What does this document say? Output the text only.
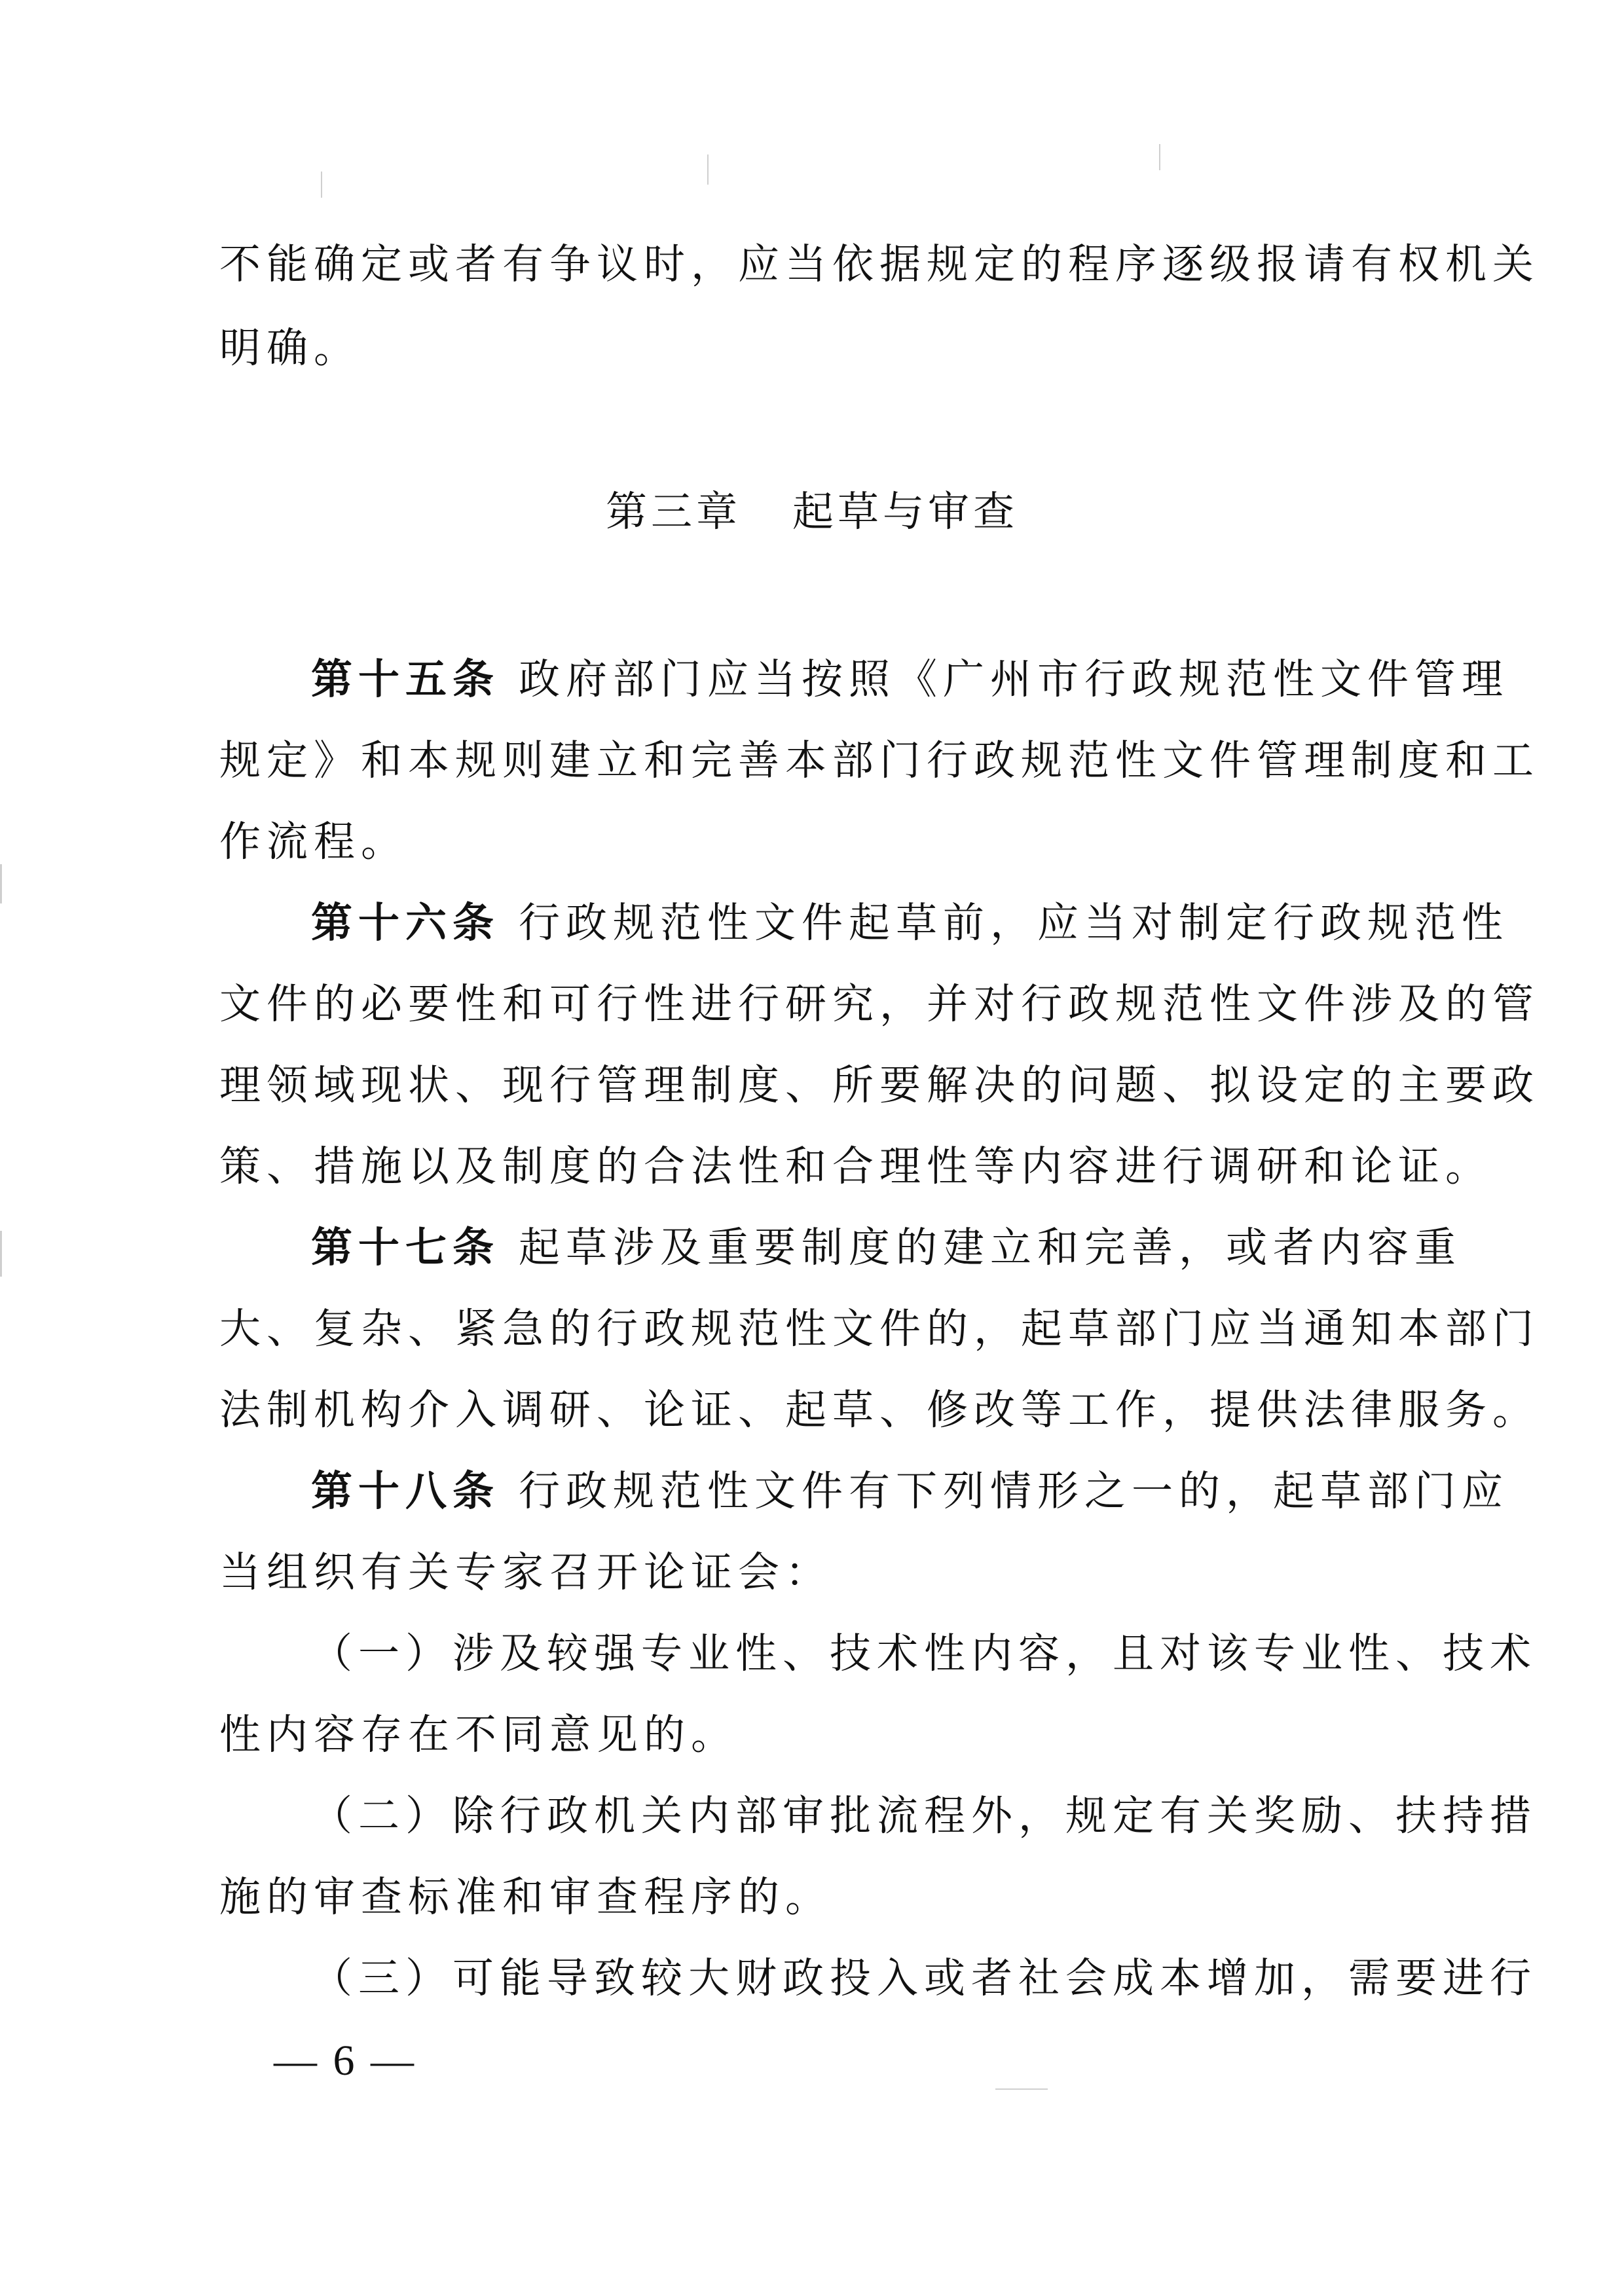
不能确定或者有争议时，应当依据规定的程序逐级报请有权机关
明确。
第三章 起草与审查
第十五条 政府部门应当按照《广州市行政规范性文件管理
规定》和本规则建立和完善本部门行政规范性文件管理制度和工
作流程。
第十六条 行政规范性文件起草前，应当对制定行政规范性
文件的必要性和可行性进行研究，并对行政规范性文件涉及的管
理领域现状、现行管理制度、所要解决的问题、拟设定的主要政
策、措施以及制度的合法性和合理性等内容进行调研和论证。
第十七条 起草涉及重要制度的建立和完善，或者内容重
大、复杂、紧急的行政规范性文件的，起草部门应当通知本部门
法制机构介入调研、论证、起草、修改等工作，提供法律服务。
第十八条 行政规范性文件有下列情形之一的，起草部门应
当组织有关专家召开论证会：
（一）涉及较强专业性、技术性内容，且对该专业性、技术
性内容存在不同意见的。
（二）除行政机关内部审批流程外，规定有关奖励、扶持措
施的审查标准和审查程序的。
（三）可能导致较大财政投入或者社会成本增加，需要进行
— 6 —
